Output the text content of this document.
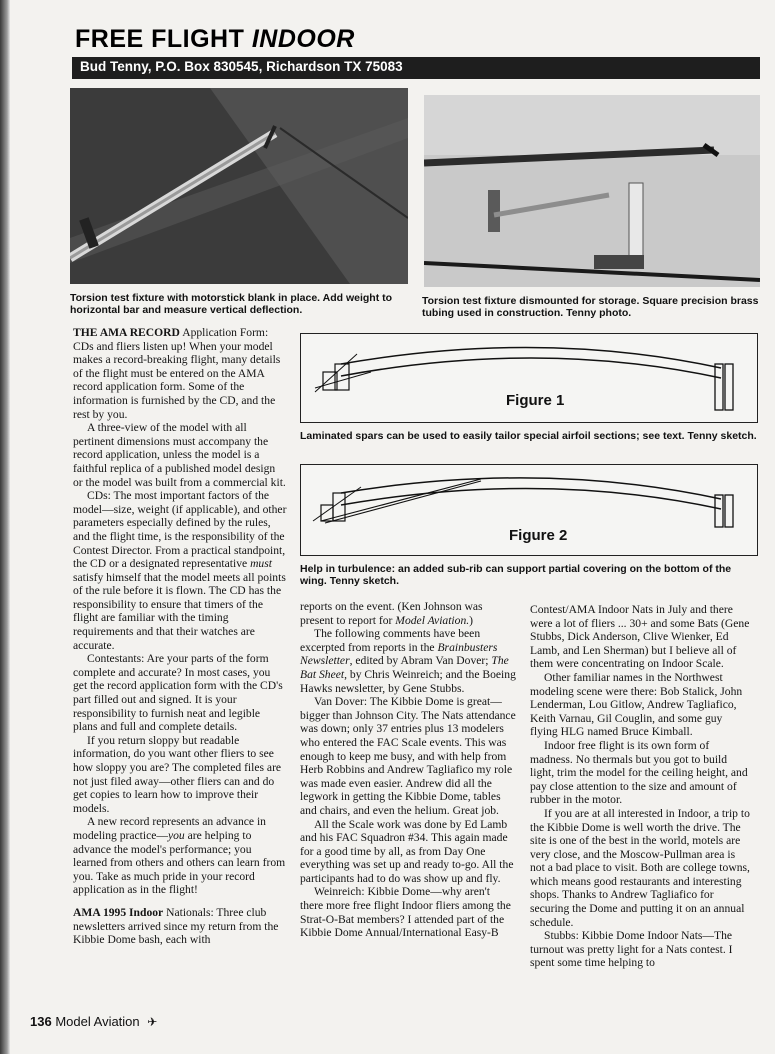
FREE FLIGHT INDOOR
Bud Tenny, P.O. Box 830545, Richardson TX 75083
Torsion test fixture with motorstick blank in place. Add weight to horizontal bar and measure vertical deflection.
Torsion test fixture dismounted for storage. Square precision brass tubing used in construction. Tenny photo.
Figure 1
Laminated spars can be used to easily tailor special airfoil sections; see text. Tenny sketch.
Figure 2
Help in turbulence: an added sub-rib can support partial covering on the bottom of the wing. Tenny sketch.

THE AMA RECORD Application Form: CDs and fliers listen up! When your model makes a record-breaking flight, many details of the flight must be entered on the AMA record application form. Some of the information is furnished by the CD, and the rest by you.

A three-view of the model with all pertinent dimensions must accompany the record application, unless the model is a faithful replica of a published model design or the model was built from a commercial kit.

CDs: The most important factors of the model—size, weight (if applicable), and other parameters especially defined by the rules, and the flight time, is the responsibility of the Contest Director. From a practical standpoint, the CD or a designated representative must satisfy himself that the model meets all points of the rule before it is flown. The CD has the responsibility to ensure that timers of the flight are familiar with the timing requirements and that their watches are accurate.

Contestants: Are your parts of the form complete and accurate? In most cases, you get the record application form with the CD's part filled out and signed. It is your responsibility to furnish neat and legible plans and full and complete details.

If you return sloppy but readable information, do you want other fliers to see how sloppy you are? The completed files are not just filed away—other fliers can and do get copies to learn how to improve their models.

A new record represents an advance in modeling practice—you are helping to advance the model's performance; you learned from others and others can learn from you. Take as much pride in your record application as in the flight!

AMA 1995 Indoor Nationals: Three club newsletters arrived since my return from the Kibbie Dome bash, each with

reports on the event. (Ken Johnson was present to report for Model Aviation.)

The following comments have been excerpted from reports in the Brainbusters Newsletter, edited by Abram Van Dover; The Bat Sheet, by Chris Weinreich; and the Boeing Hawks newsletter, by Gene Stubbs.

Van Dover: The Kibbie Dome is great—bigger than Johnson City. The Nats attendance was down; only 37 entries plus 13 modelers who entered the FAC Scale events. This was enough to keep me busy, and with help from Herb Robbins and Andrew Tagliafico my role was made even easier. Andrew did all the legwork in getting the Kibbie Dome, tables and chairs, and even the helium. Great job.

All the Scale work was done by Ed Lamb and his FAC Squadron #34. This again made for a good time by all, as from Day One everything was set up and ready to-go. All the participants had to do was show up and fly.

Weinreich: Kibbie Dome—why aren't there more free flight Indoor fliers among the Strat-O-Bat members? I attended part of the Kibbie Dome Annual/International Easy-B

Contest/AMA Indoor Nats in July and there were a lot of fliers ... 30+ and some Bats (Gene Stubbs, Dick Anderson, Clive Wienker, Ed Lamb, and Len Sherman) but I believe all of them were concentrating on Indoor Scale.

Other familiar names in the Northwest modeling scene were there: Bob Stalick, John Lenderman, Lou Gitlow, Andrew Tagliafico, Keith Varnau, Gil Couglin, and some guy flying HLG named Bruce Kimball.

Indoor free flight is its own form of madness. No thermals but you got to build light, trim the model for the ceiling height, and pay close attention to the size and amount of rubber in the motor.

If you are at all interested in Indoor, a trip to the Kibbie Dome is well worth the drive. The site is one of the best in the world, motels are very close, and the Moscow-Pullman area is not a bad place to visit. Both are college towns, which means good restaurants and interesting shops. Thanks to Andrew Tagliafico for securing the Dome and putting it on an annual schedule.

Stubbs: Kibbie Dome Indoor Nats—The turnout was pretty light for a Nats contest. I spent some time helping to

136 Model Aviation ✈
